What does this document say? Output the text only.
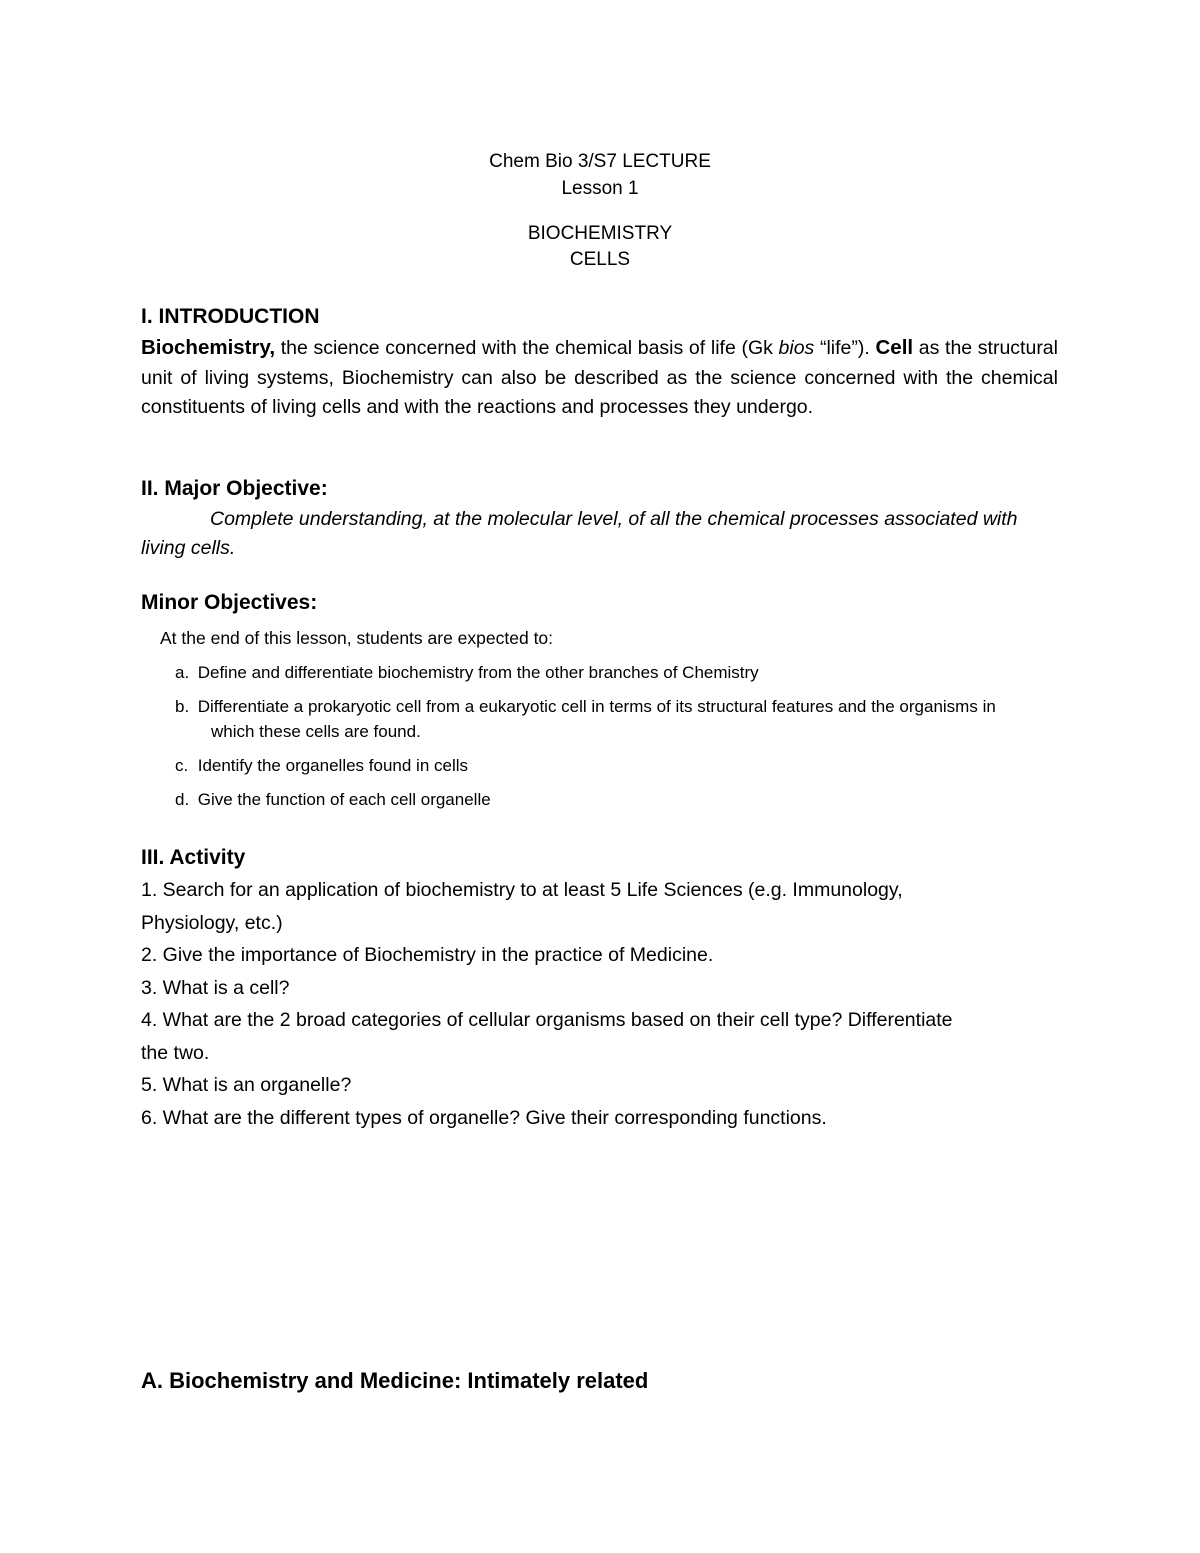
Chem Bio 3/S7 LECTURE
Lesson 1
BIOCHEMISTRY
CELLS
I. INTRODUCTION

Biochemistry, the science concerned with the chemical basis of life (Gk bios “life”). Cell as the structural unit of living systems, Biochemistry can also be described as the science concerned with the chemical constituents of living cells and with the reactions and processes they undergo.

II. Major Objective:

Complete understanding, at the molecular level, of all the chemical processes associated with living cells.

Minor Objectives:

At the end of this lesson, students are expected to:

a. Define and differentiate biochemistry from the other branches of Chemistry
b. Differentiate a prokaryotic cell from a eukaryotic cell in terms of its structural features and the organisms in which these cells are found.
c. Identify the organelles found in cells
d. Give the function of each cell organelle
III. Activity
1. Search for an application of biochemistry to at least 5 Life Sciences (e.g. Immunology,
Physiology, etc.)
2. Give the importance of Biochemistry in the practice of Medicine.
3. What is a cell?
4. What are the 2 broad categories of cellular organisms based on their cell type? Differentiate
the two.
5. What is an organelle?
6. What are the different types of organelle? Give their corresponding functions.
A. Biochemistry and Medicine: Intimately related
